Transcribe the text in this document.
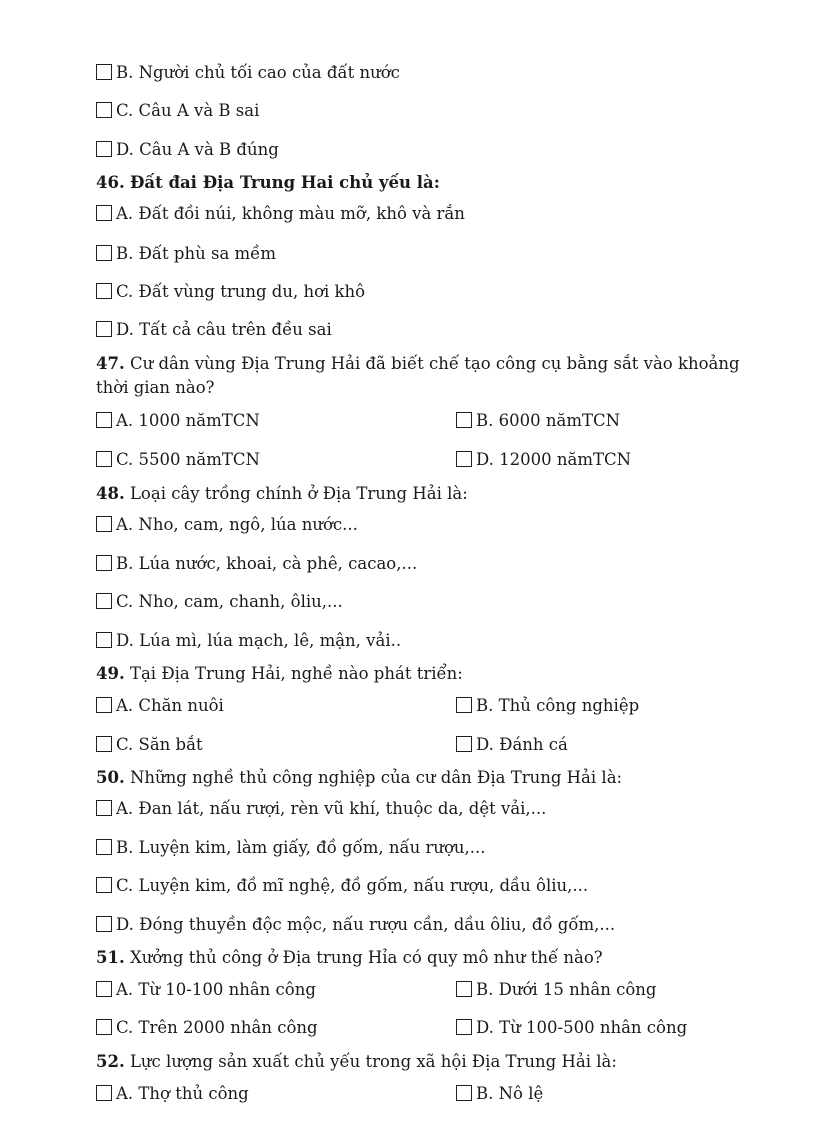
B. Người chủ tối cao của đất nước
C. Câu A và B sai
D. Câu A và B đúng
46. Đất đai Địa Trung Hai chủ yếu là:
A. Đất đồi núi, không màu mỡ, khô và rắn
B. Đất phù sa mềm
C. Đất vùng trung du, hơi khô
D. Tất cả câu trên đều sai
47. Cư dân vùng Địa Trung Hải đã biết chế tạo công cụ bằng sắt vào khoảng thời gian nào?
A. 1000 nămTCN	B. 6000 nămTCN
C. 5500 nămTCN	D. 12000 nămTCN
48. Loại cây trồng chính ở Địa Trung Hải là:
A. Nho, cam, ngô, lúa nước...
B. Lúa nước, khoai, cà phê, cacao,...
C. Nho, cam, chanh, ôliu,...
D. Lúa mì, lúa mạch, lê, mận, vải..
49. Tại Địa Trung Hải, nghề nào phát triển:
A. Chăn nuôi	B. Thủ công nghiệp
C. Săn bắt	D. Đánh cá
50. Những nghề thủ công nghiệp của cư dân Địa Trung Hải là:
A. Đan lát, nấu rượi, rèn vũ khí, thuộc da, dệt vải,...
B. Luyện kim, làm giấy, đồ gốm, nấu rượu,...
C. Luyện kim, đồ mĩ nghệ, đồ gốm, nấu rượu, dầu ôliu,...
D. Đóng thuyền độc mộc, nấu rượu cần, dầu ôliu, đồ gốm,...
51. Xưởng thủ công ở Địa trung Hỉa có quy mô như thế nào?
A. Từ 10-100 nhân công	B. Dưới 15 nhân công
C. Trên 2000 nhân công	D. Từ 100-500 nhân công
52. Lực lượng sản xuất chủ yếu trong xã hội Địa Trung Hải là:
A. Thợ thủ công	B. Nô lệ
